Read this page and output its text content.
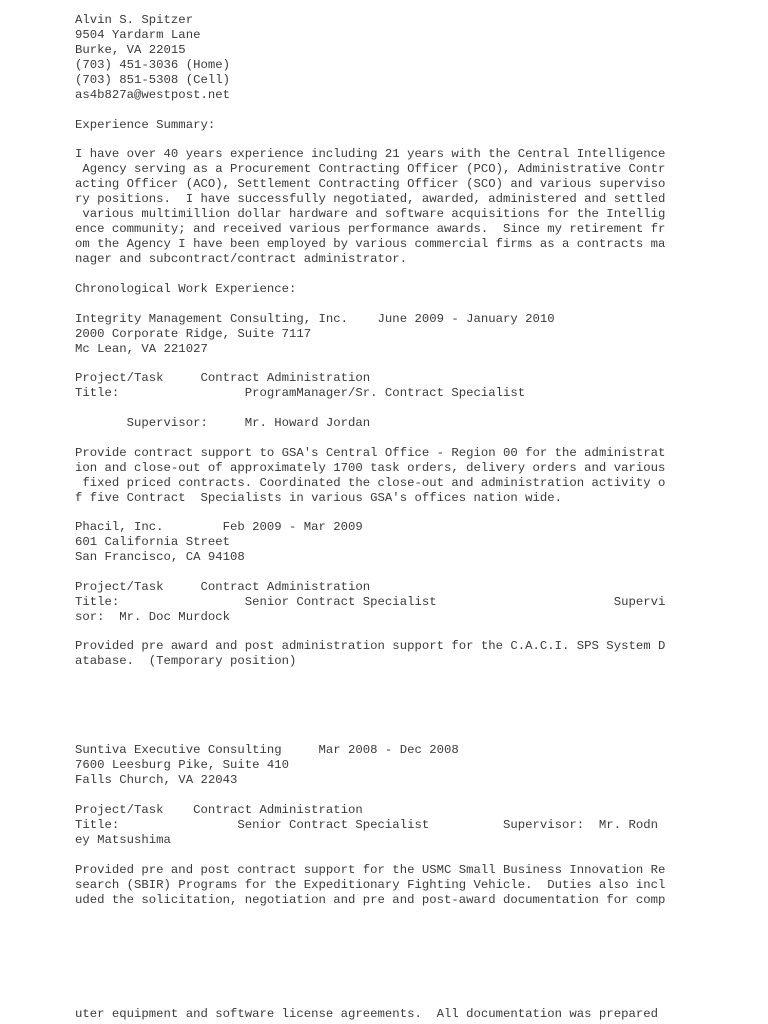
Alvin S. Spitzer
9504 Yardarm Lane
Burke, VA 22015
(703) 451-3036 (Home)
(703) 851-5308 (Cell)
as4b827a@westpost.net
Experience Summary:
I have over 40 years experience including 21 years with the Central Intelligence
Agency serving as a Procurement Contracting Officer (PCO), Administrative Contr
acting Officer (ACO), Settlement Contracting Officer (SCO) and various superviso
ry positions.  I have successfully negotiated, awarded, administered and settled
various multimillion dollar hardware and software acquisitions for the Intellig
ence community; and received various performance awards.  Since my retirement fr
om the Agency I have been employed by various commercial firms as a contracts ma
nager and subcontract/contract administrator.
Chronological Work Experience:
Integrity Management Consulting, Inc.    June 2009 - January 2010
2000 Corporate Ridge, Suite 7117
Mc Lean, VA 221027
Project/Task     Contract Administration
Title:                 ProgramManager/Sr. Contract Specialist
Supervisor:     Mr. Howard Jordan
Provide contract support to GSA's Central Office - Region 00 for the administrat
ion and close-out of approximately 1700 task orders, delivery orders and various
fixed priced contracts. Coordinated the close-out and administration activity o
f five Contract  Specialists in various GSA's offices nation wide.
Phacil, Inc.        Feb 2009 - Mar 2009
601 California Street
San Francisco, CA 94108
Project/Task     Contract Administration
Title:                 Senior Contract Specialist                        Supervi
sor:  Mr. Doc Murdock
Provided pre award and post administration support for the C.A.C.I. SPS System D
atabase.  (Temporary position)
Suntiva Executive Consulting     Mar 2008 - Dec 2008
7600 Leesburg Pike, Suite 410
Falls Church, VA 22043
Project/Task    Contract Administration
Title:                Senior Contract Specialist          Supervisor:  Mr. Rodn
ey Matsushima
Provided pre and post contract support for the USMC Small Business Innovation Re
search (SBIR) Programs for the Expeditionary Fighting Vehicle.  Duties also incl
uded the solicitation, negotiation and pre and post-award documentation for comp
uter equipment and software license agreements.  All documentation was prepared
